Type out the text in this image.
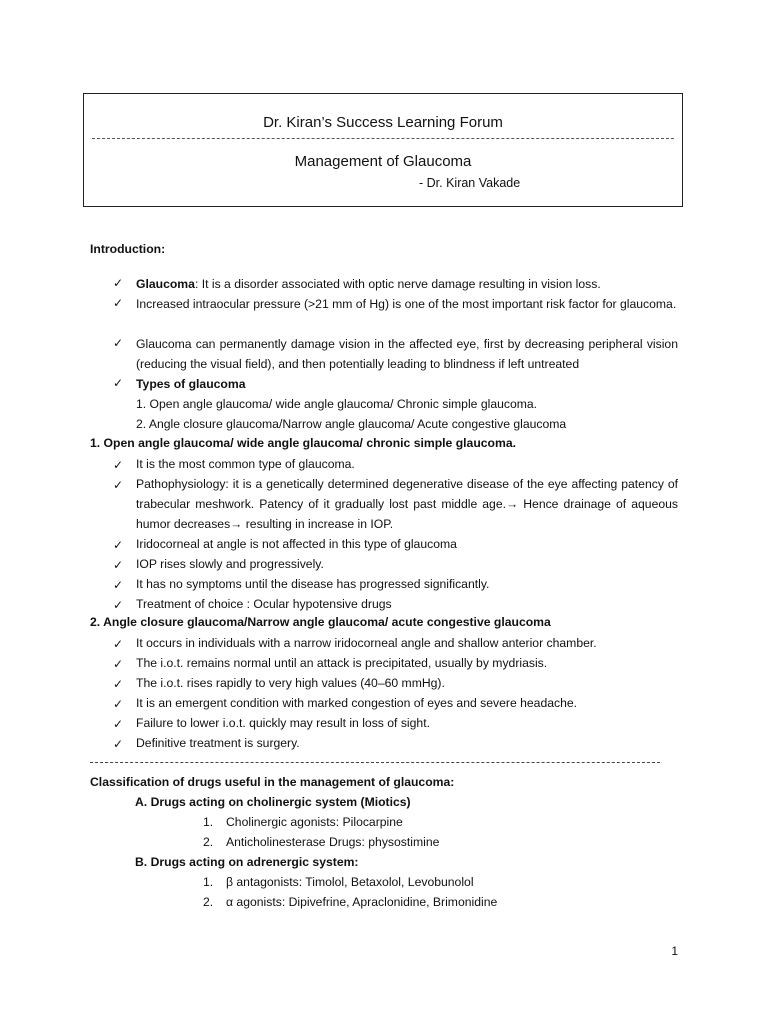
Dr. Kiran’s Success Learning Forum
Management of Glaucoma
- Dr. Kiran Vakade
Introduction:
✓ Glaucoma: It is a disorder associated with optic nerve damage resulting in vision loss.
✓ Increased intraocular pressure (>21 mm of Hg) is one of the most important risk factor for glaucoma.
✓ Glaucoma can permanently damage vision in the affected eye, first by decreasing peripheral vision (reducing the visual field), and then potentially leading to blindness if left untreated
✓ Types of glaucoma
1. Open angle glaucoma/ wide angle glaucoma/ Chronic simple glaucoma.
2. Angle closure glaucoma/Narrow angle glaucoma/ Acute congestive glaucoma
1. Open angle glaucoma/ wide angle glaucoma/ chronic simple glaucoma.
✓ It is the most common type of glaucoma.
✓ Pathophysiology: it is a genetically determined degenerative disease of the eye affecting patency of trabecular meshwork. Patency of it gradually lost past middle age.→ Hence drainage of aqueous humor decreases→ resulting in increase in IOP.
✓ Iridocorneal at angle is not affected in this type of glaucoma
✓ IOP rises slowly and progressively.
✓ It has no symptoms until the disease has progressed significantly.
✓ Treatment of choice : Ocular hypotensive drugs
2. Angle closure glaucoma/Narrow angle glaucoma/ acute congestive glaucoma
✓ It occurs in individuals with a narrow iridocorneal angle and shallow anterior chamber.
✓ The i.o.t. remains normal until an attack is precipitated, usually by mydriasis.
✓ The i.o.t. rises rapidly to very high values (40–60 mmHg).
✓ It is an emergent condition with marked congestion of eyes and severe headache.
✓ Failure to lower i.o.t. quickly may result in loss of sight.
✓ Definitive treatment is surgery.
Classification of drugs useful in the management of glaucoma:
A. Drugs acting on cholinergic system (Miotics)
1. Cholinergic agonists: Pilocarpine
2. Anticholinesterase Drugs: physostimine
B. Drugs acting on adrenergic system:
1. β antagonists: Timolol, Betaxolol, Levobunolol
2. α agonists: Dipivefrine, Apraclonidine, Brimonidine
1
